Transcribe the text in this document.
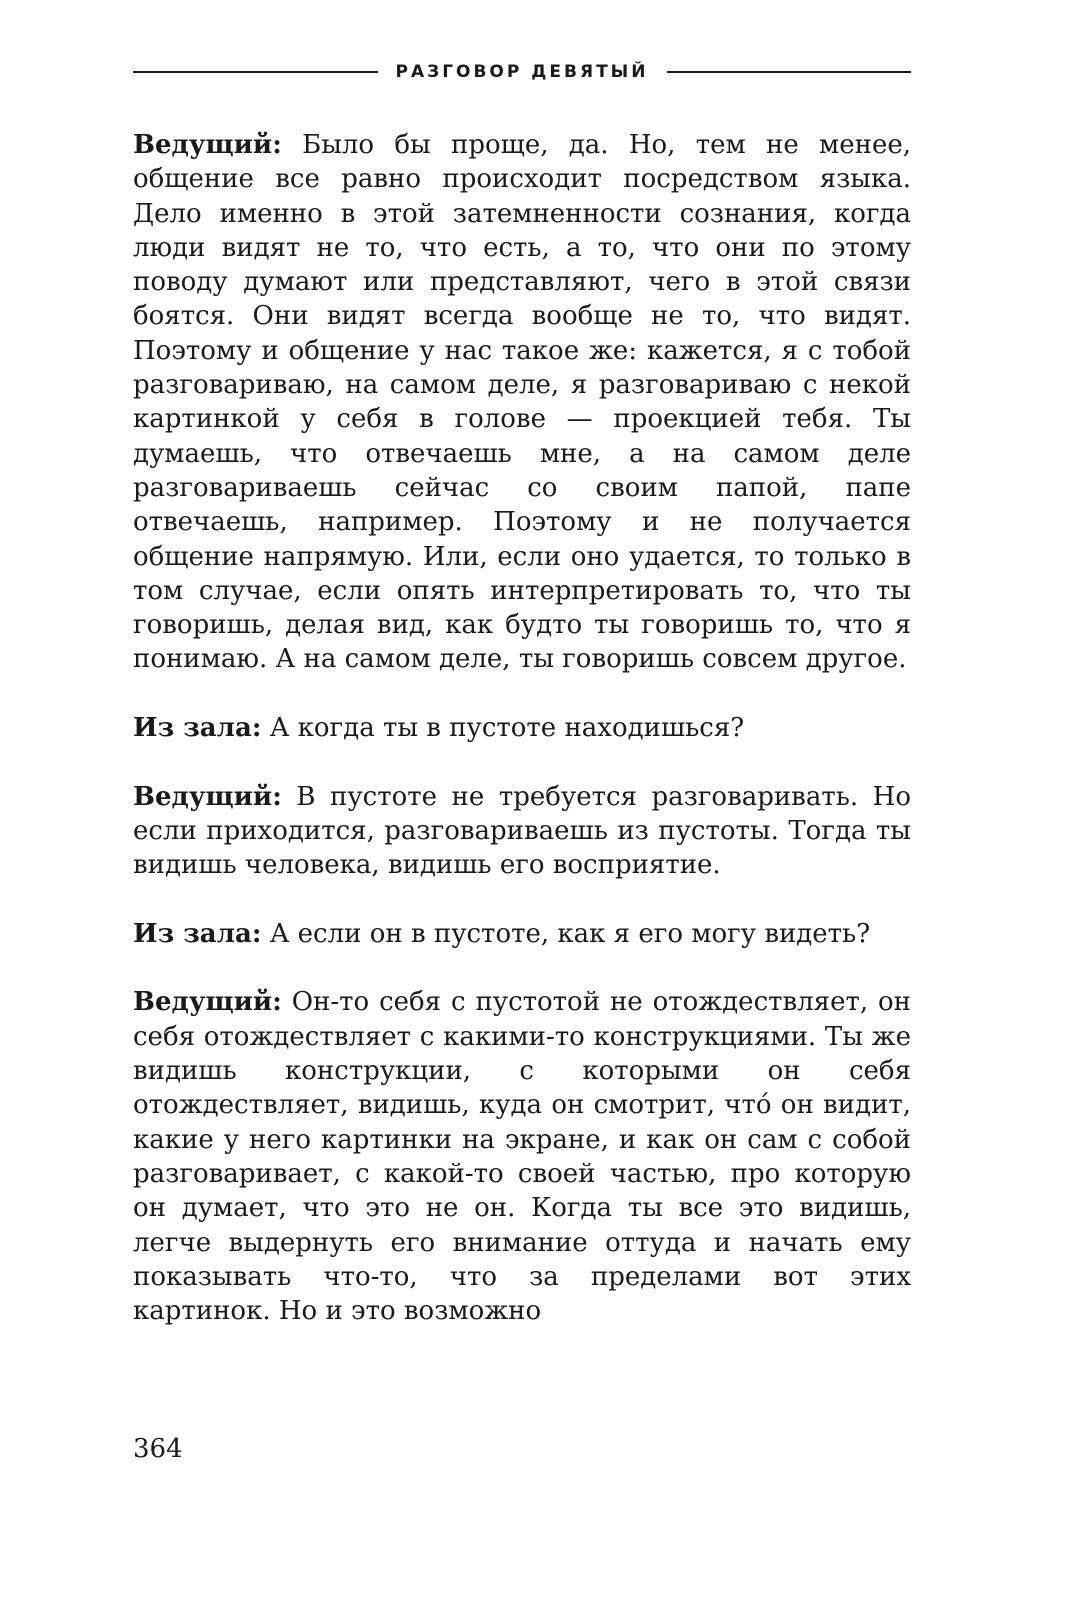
РАЗГОВОР ДЕВЯТЫЙ

Ведущий: Было бы проще, да. Но, тем не менее, общение все равно происходит посредством языка. Дело именно в этой затемненности сознания, когда люди видят не то, что есть, а то, что они по этому поводу думают или представляют, чего в этой связи боятся. Они видят всегда вообще не то, что видят. Поэтому и общение у нас такое же: кажется, я с тобой разговариваю, на самом деле, я разговариваю с некой картинкой у себя в голове — проекцией тебя. Ты думаешь, что отвечаешь мне, а на самом деле разговариваешь сейчас со своим папой, папе отвечаешь, например. Поэтому и не получается общение напрямую. Или, если оно удается, то только в том случае, если опять интерпретировать то, что ты говоришь, делая вид, как будто ты говоришь то, что я понимаю. А на самом деле, ты говоришь совсем другое.

Из зала: А когда ты в пустоте находишься?

Ведущий: В пустоте не требуется разговаривать. Но если приходится, разговариваешь из пустоты. Тогда ты видишь человека, видишь его восприятие.

Из зала: А если он в пустоте, как я его могу видеть?

Ведущий: Он-то себя с пустотой не отождествляет, он себя отождествляет с какими-то конструкциями. Ты же видишь конструкции, с которыми он себя отождествляет, видишь, куда он смотрит, что́ он видит, какие у него картинки на экране, и как он сам с собой разговаривает, с какой-то своей частью, про которую он думает, что это не он. Когда ты все это видишь, легче выдернуть его внимание оттуда и начать ему показывать что-то, что за пределами вот этих картинок. Но и это возможно

364
